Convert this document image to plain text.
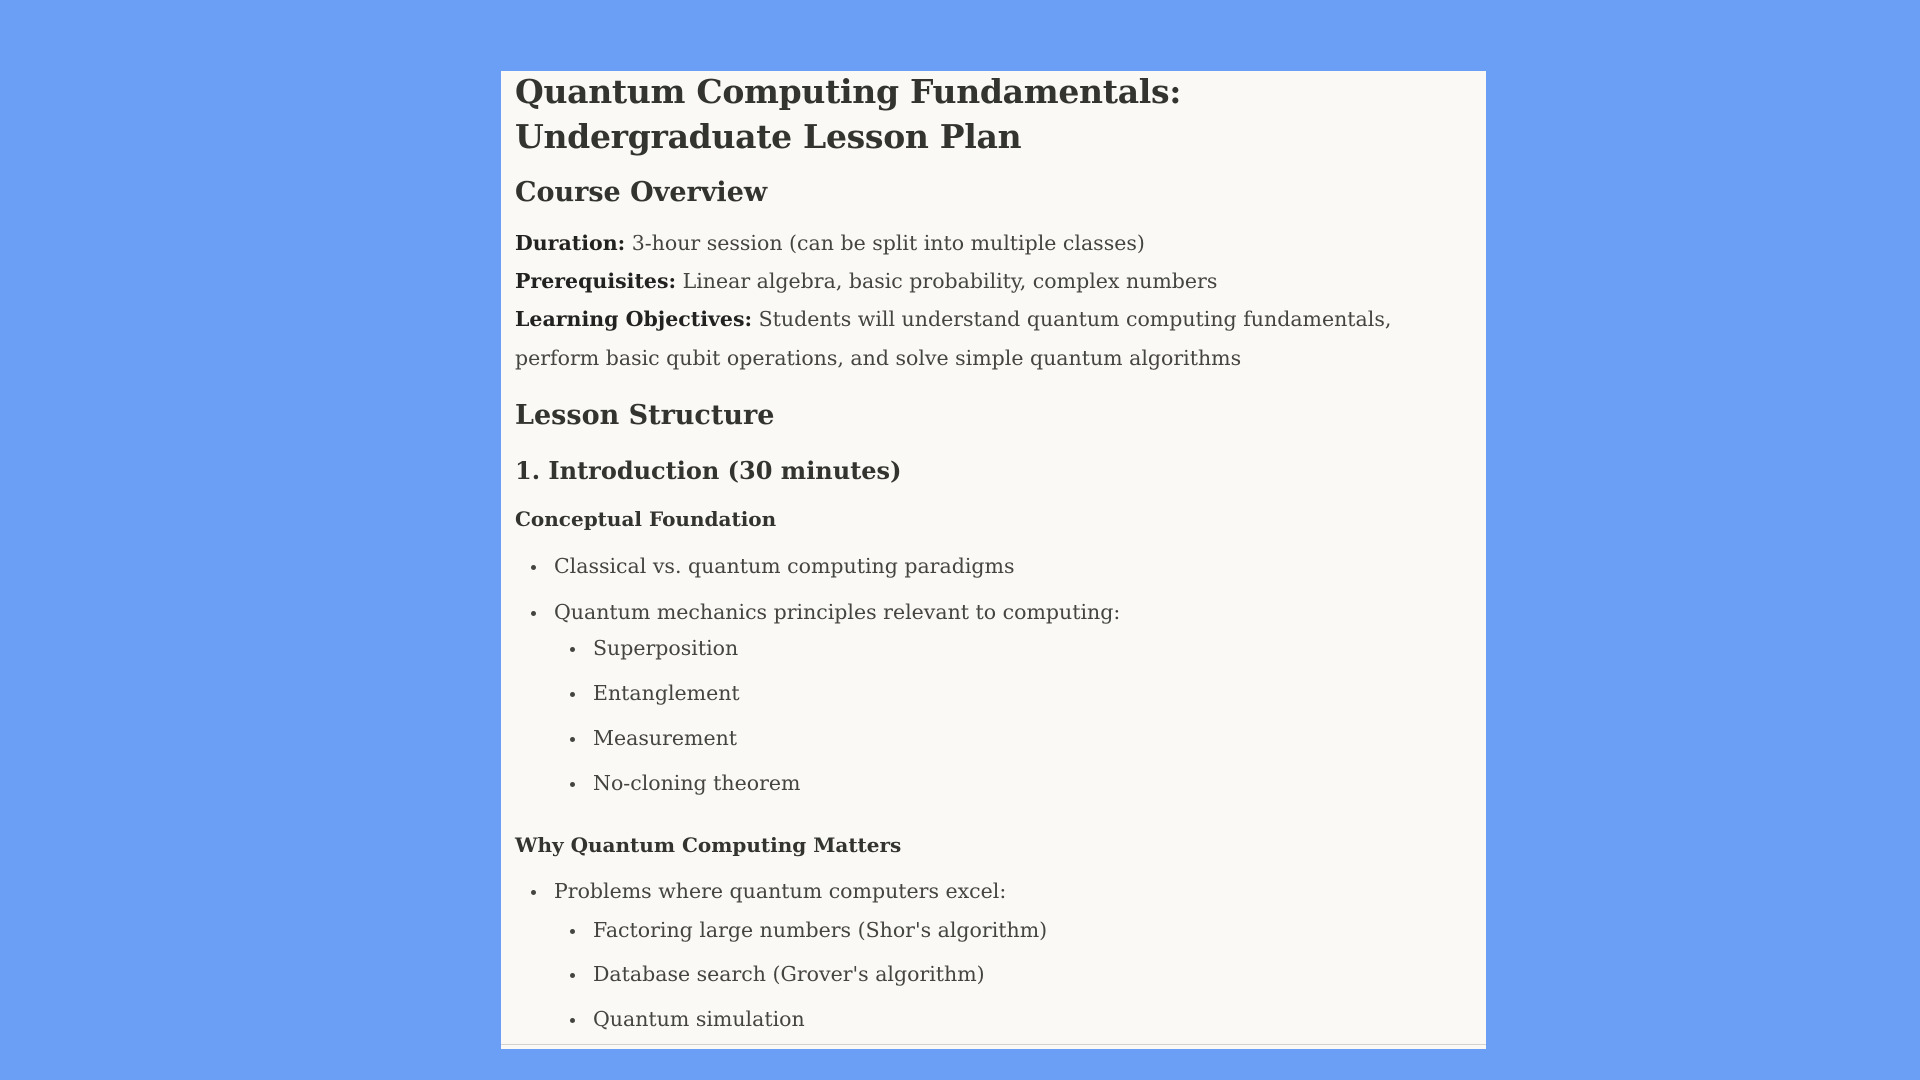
Quantum Computing Fundamentals: Undergraduate Lesson Plan
Course Overview

Duration: 3-hour session (can be split into multiple classes)

Prerequisites: Linear algebra, basic probability, complex numbers

Learning Objectives: Students will understand quantum computing fundamentals, perform basic qubit operations, and solve simple quantum algorithms

Lesson Structure
1. Introduction (30 minutes)
Conceptual Foundation
Classical vs. quantum computing paradigms
Quantum mechanics principles relevant to computing:
Superposition
Entanglement
Measurement
No-cloning theorem
Why Quantum Computing Matters
Problems where quantum computers excel:
Factoring large numbers (Shor's algorithm)
Database search (Grover's algorithm)
Quantum simulation
